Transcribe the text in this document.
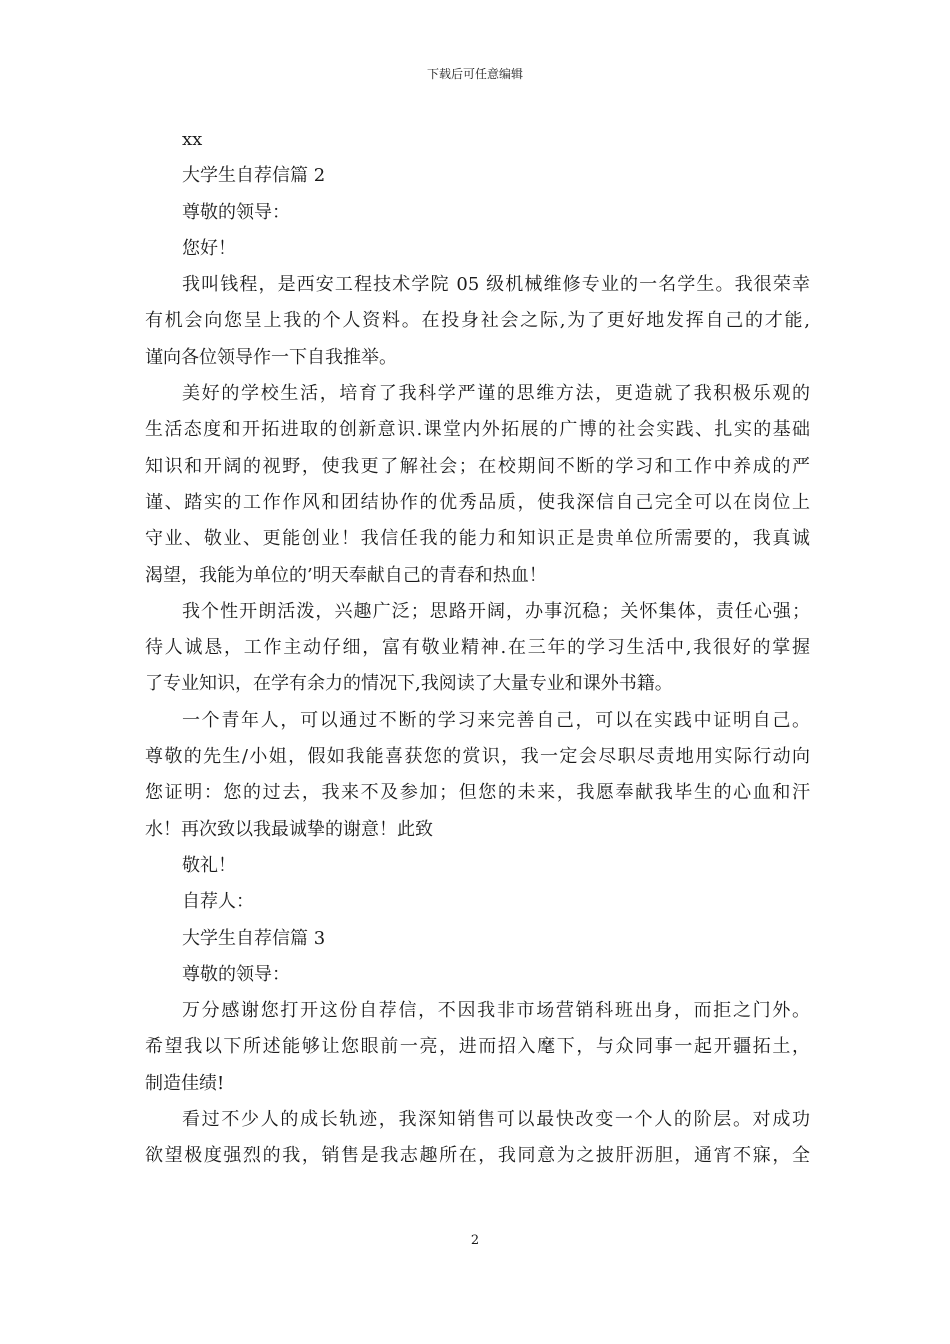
下载后可任意编辑
xx
大学生自荐信篇 2
尊敬的领导：
您好！
我叫钱程，是西安工程技术学院 05 级机械维修专业的一名学生。我很荣幸
有机会向您呈上我的个人资料。在投身社会之际,为了更好地发挥自己的才能,
谨向各位领导作一下自我推举。
美好的学校生活，培育了我科学严谨的思维方法，更造就了我积极乐观的
生活态度和开拓进取的创新意识.课堂内外拓展的广博的社会实践、扎实的基础
知识和开阔的视野，使我更了解社会；在校期间不断的学习和工作中养成的严
谨、踏实的工作作风和团结协作的优秀品质，使我深信自己完全可以在岗位上
守业、敬业、更能创业！我信任我的能力和知识正是贵单位所需要的，我真诚
渴望，我能为单位的’明天奉献自己的青春和热血！
我个性开朗活泼，兴趣广泛；思路开阔，办事沉稳；关怀集体，责任心强；
待人诚恳，工作主动仔细，富有敬业精神.在三年的学习生活中,我很好的掌握
了专业知识，在学有余力的情况下,我阅读了大量专业和课外书籍。
一个青年人，可以通过不断的学习来完善自己，可以在实践中证明自己。
尊敬的先生/小姐，假如我能喜获您的赏识，我一定会尽职尽责地用实际行动向
您证明：您的过去，我来不及参加；但您的未来，我愿奉献我毕生的心血和汗
水！再次致以我最诚挚的谢意！此致
敬礼！
自荐人：
大学生自荐信篇 3
尊敬的领导：
万分感谢您打开这份自荐信，不因我非市场营销科班出身，而拒之门外。
希望我以下所述能够让您眼前一亮，进而招入麾下，与众同事一起开疆拓土，
制造佳绩!
看过不少人的成长轨迹，我深知销售可以最快改变一个人的阶层。对成功
欲望极度强烈的我，销售是我志趣所在，我同意为之披肝沥胆，通宵不寐，全
2
